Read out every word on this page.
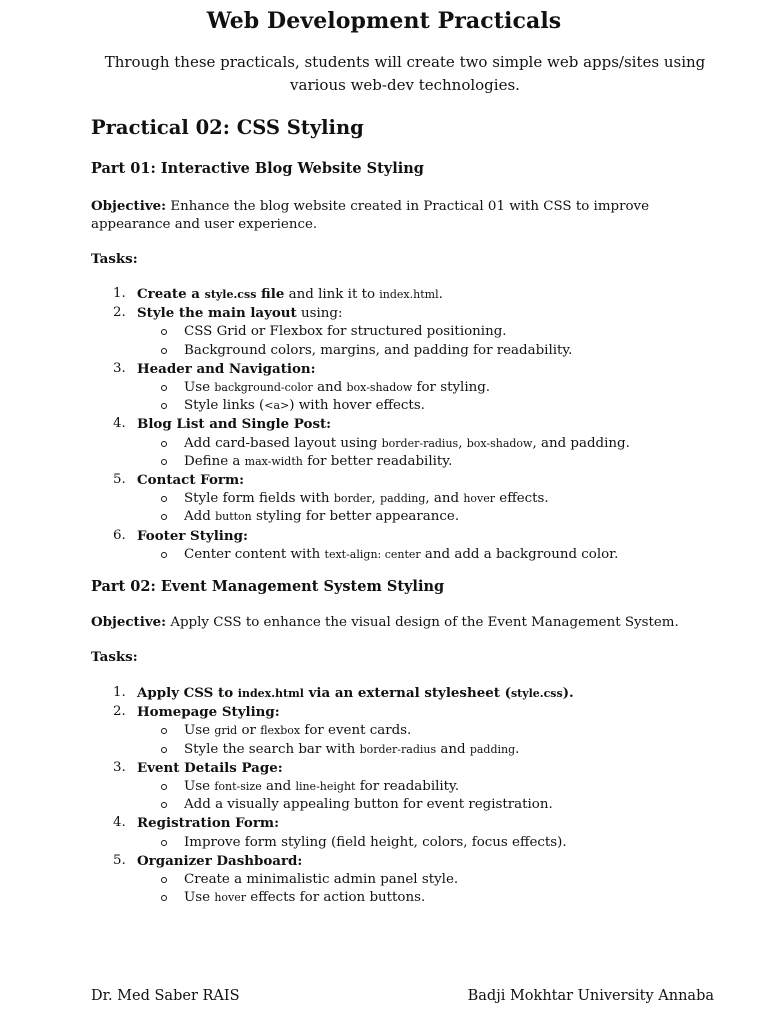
Web Development Practicals
Through these practicals, students will create two simple web apps/sites using various web-dev technologies.
Practical 02: CSS Styling
Part 01: Interactive Blog Website Styling
Objective: Enhance the blog website created in Practical 01 with CSS to improve appearance and user experience.
Tasks:
1. Create a style.css file and link it to index.html.
2. Style the main layout using:
CSS Grid or Flexbox for structured positioning.
Background colors, margins, and padding for readability.
3. Header and Navigation:
Use background-color and box-shadow for styling.
Style links (<a>) with hover effects.
4. Blog List and Single Post:
Add card-based layout using border-radius, box-shadow, and padding.
Define a max-width for better readability.
5. Contact Form:
Style form fields with border, padding, and hover effects.
Add button styling for better appearance.
6. Footer Styling:
Center content with text-align: center and add a background color.
Part 02: Event Management System Styling
Objective: Apply CSS to enhance the visual design of the Event Management System.
Tasks:
1. Apply CSS to index.html via an external stylesheet (style.css).
2. Homepage Styling:
Use grid or flexbox for event cards.
Style the search bar with border-radius and padding.
3. Event Details Page:
Use font-size and line-height for readability.
Add a visually appealing button for event registration.
4. Registration Form:
Improve form styling (field height, colors, focus effects).
5. Organizer Dashboard:
Create a minimalistic admin panel style.
Use hover effects for action buttons.
Dr. Med Saber RAIS	Badji Mokhtar University Annaba
